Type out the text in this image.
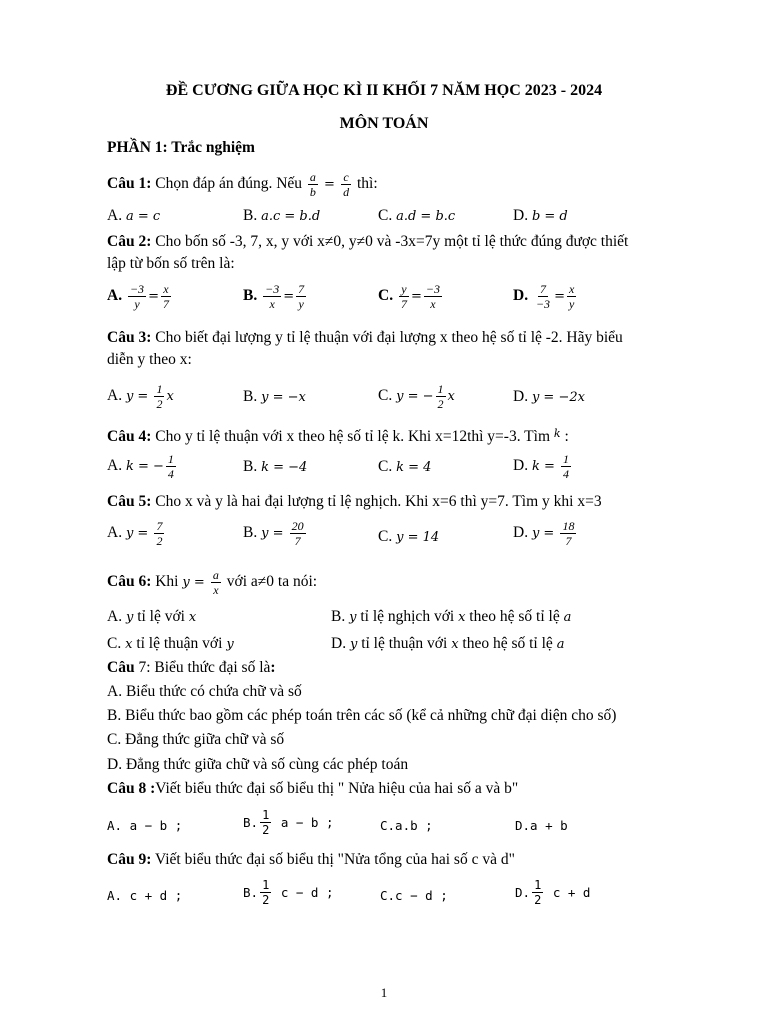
ĐỀ CƯƠNG GIỮA HỌC KÌ II KHỐI 7 NĂM HỌC 2023 - 2024
MÔN TOÁN
PHẦN 1: Trắc nghiệm
Câu 1: Chọn đáp án đúng. Nếu $\frac{a}{b} = \frac{c}{d}$ thì:
A. a = c	B. a.c = b.d	C. a.d = b.c	D. b = d
Câu 2: Cho bốn số -3, 7, x, y với x≠0, y≠0 và -3x=7y một tỉ lệ thức đúng được thiết
lập từ bốn số trên là:
A. $\frac{-3}{y} = \frac{x}{7}$	B. $\frac{-3}{x} = \frac{7}{y}$	C. $\frac{y}{7} = \frac{-3}{x}$	D. $\frac{7}{-3} = \frac{x}{y}$
Câu 3: Cho biết đại lượng y tỉ lệ thuận với đại lượng x theo hệ số tỉ lệ -2. Hãy biểu
diễn y theo x:
A. $y = \frac{1}{2}$ x	B. y = −x	C. y = − $\frac{1}{2}$ x	D. y = −2x
Câu 4: Cho y tỉ lệ thuận với x theo hệ số tỉ lệ k. Khi x=12thì y=-3. Tìm $^k$ :
A. k = − $\frac{1}{4}$	B. k = −4	C. k = 4	D. $k = \frac{1}{4}$
Câu 5: Cho x và y là hai đại lượng tỉ lệ nghịch. Khi x=6 thì y=7. Tìm y khi x=3
A. $y = \frac{7}{2}$	B. $y = \frac{20}{7}$	C. y = 14	D. $y = \frac{18}{7}$
Câu 6: Khi $y = \frac{a}{x}$ với a≠0 ta nói:
A. y tỉ lệ với x	B. y tỉ lệ nghịch với x theo hệ số tỉ lệ a
C. x tỉ lệ thuận với y	D. y tỉ lệ thuận với x theo hệ số tỉ lệ a
Câu 7: Biểu thức đại số là:
A. Biểu thức có chứa chữ và số
B. Biểu thức bao gồm các phép toán trên các số (kể cả những chữ đại diện cho số)
C. Đẳng thức giữa chữ và số
D. Đẳng thức giữa chữ và số cùng các phép toán
Câu 8 :Viết biểu thức đại số biểu thị " Nửa hiệu của hai số a và b"
A. a − b ;	B. $\frac{1}{2}$ a − b ;	C.a.b ;	D.a + b
Câu 9: Viết biểu thức đại số biểu thị "Nửa tổng của hai số c và d"
A. c + d ;	B. $\frac{1}{2}$ c − d ;	C.c − d ;	D. $\frac{1}{2}$ c + d
1
